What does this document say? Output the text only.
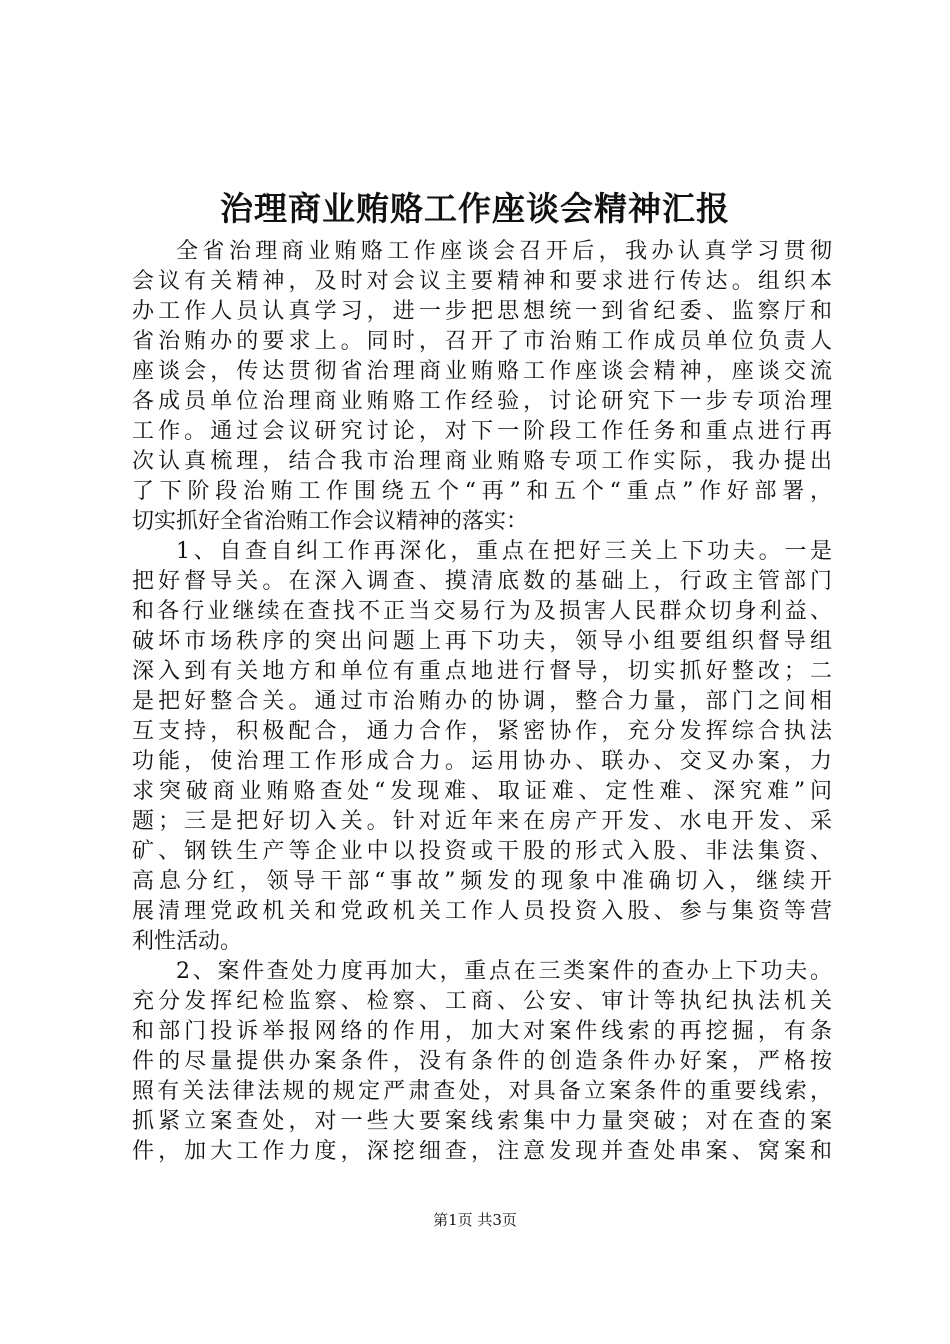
治理商业贿赂工作座谈会精神汇报
全省治理商业贿赂工作座谈会召开后，我办认真学习贯彻
会议有关精神，及时对会议主要精神和要求进行传达。组织本
办工作人员认真学习，进一步把思想统一到省纪委、监察厅和
省治贿办的要求上。同时，召开了市治贿工作成员单位负责人
座谈会，传达贯彻省治理商业贿赂工作座谈会精神，座谈交流
各成员单位治理商业贿赂工作经验，讨论研究下一步专项治理
工作。通过会议研究讨论，对下一阶段工作任务和重点进行再
次认真梳理，结合我市治理商业贿赂专项工作实际，我办提出
了下阶段治贿工作围绕五个“再”和五个“重点”作好部署，
切实抓好全省治贿工作会议精神的落实：
1、自查自纠工作再深化，重点在把好三关上下功夫。一是
把好督导关。在深入调查、摸清底数的基础上，行政主管部门
和各行业继续在查找不正当交易行为及损害人民群众切身利益、
破坏市场秩序的突出问题上再下功夫，领导小组要组织督导组
深入到有关地方和单位有重点地进行督导，切实抓好整改；二
是把好整合关。通过市治贿办的协调，整合力量，部门之间相
互支持，积极配合，通力合作，紧密协作，充分发挥综合执法
功能，使治理工作形成合力。运用协办、联办、交叉办案，力
求突破商业贿赂查处“发现难、取证难、定性难、深究难”问
题；三是把好切入关。针对近年来在房产开发、水电开发、采
矿、钢铁生产等企业中以投资或干股的形式入股、非法集资、
高息分红，领导干部“事故”频发的现象中准确切入，继续开
展清理党政机关和党政机关工作人员投资入股、参与集资等营
利性活动。
2、案件查处力度再加大，重点在三类案件的查办上下功夫。
充分发挥纪检监察、检察、工商、公安、审计等执纪执法机关
和部门投诉举报网络的作用，加大对案件线索的再挖掘，有条
件的尽量提供办案条件，没有条件的创造条件办好案，严格按
照有关法律法规的规定严肃查处，对具备立案条件的重要线索，
抓紧立案查处，对一些大要案线索集中力量突破；对在查的案
件，加大工作力度，深挖细查，注意发现并查处串案、窝案和
第1页 共3页
